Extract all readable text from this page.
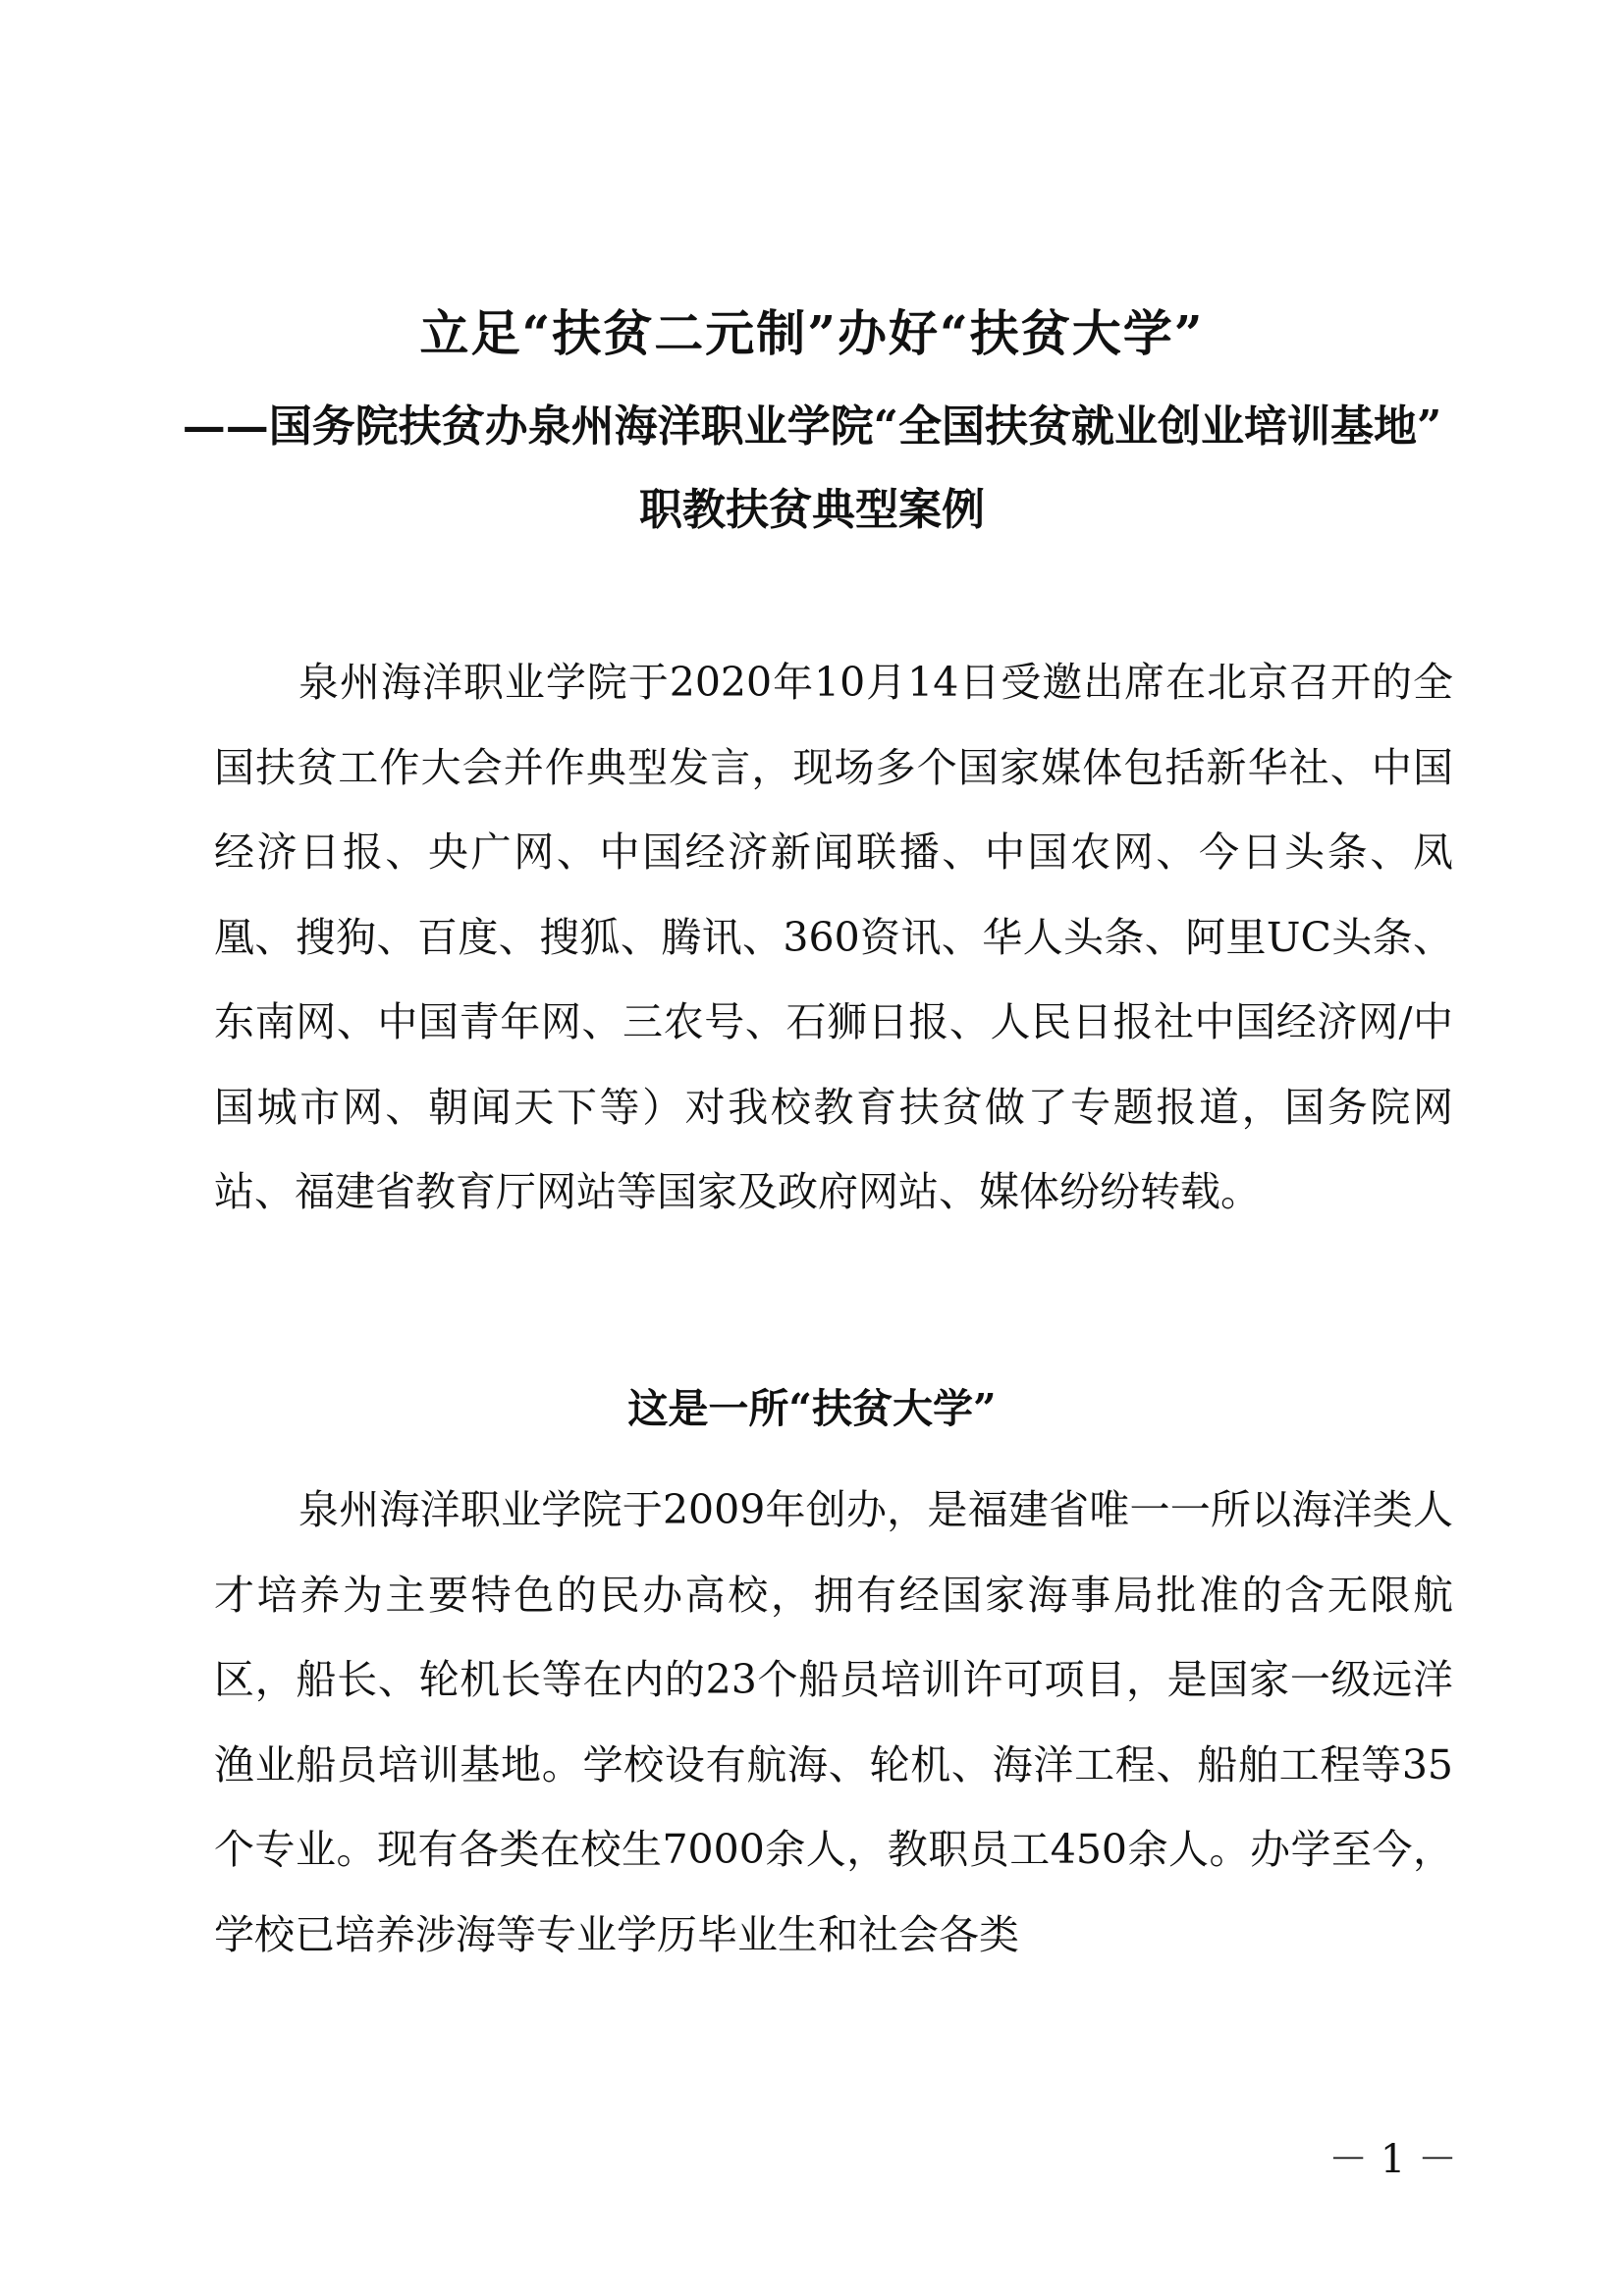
立足“扶贫二元制”办好“扶贫大学”
——国务院扶贫办泉州海洋职业学院“全国扶贫就业创业培训基地”
职教扶贫典型案例

泉州海洋职业学院于2020年10月14日受邀出席在北京召开的全国扶贫工作大会并作典型发言，现场多个国家媒体包括新华社、中国经济日报、央广网、中国经济新闻联播、中国农网、今日头条、凤凰、搜狗、百度、搜狐、腾讯、360资讯、华人头条、阿里UC头条、东南网、中国青年网、三农号、石狮日报、人民日报社中国经济网/中国城市网、朝闻天下等）对我校教育扶贫做了专题报道，国务院网站、福建省教育厅网站等国家及政府网站、媒体纷纷转载。

这是一所“扶贫大学”

泉州海洋职业学院于2009年创办，是福建省唯一一所以海洋类人才培养为主要特色的民办高校，拥有经国家海事局批准的含无限航区，船长、轮机长等在内的23个船员培训许可项目，是国家一级远洋渔业船员培训基地。学校设有航海、轮机、海洋工程、船舶工程等35个专业。现有各类在校生7000余人，教职员工450余人。办学至今，学校已培养涉海等专业学历毕业生和社会各类

－ 1 －
